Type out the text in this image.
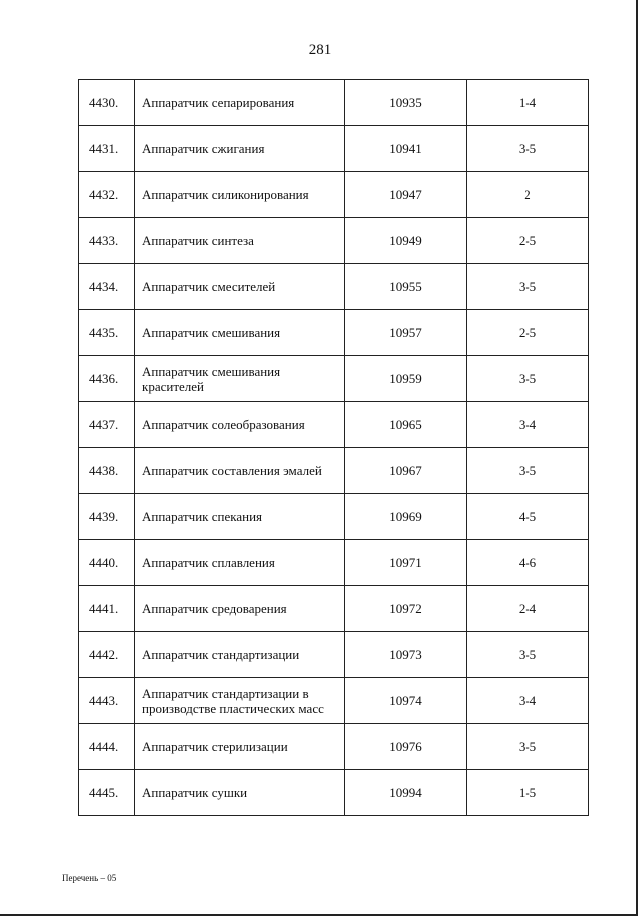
281
4430.	Аппаратчик сепарирования	10935	1-4
4431.	Аппаратчик сжигания	10941	3-5
4432.	Аппаратчик силиконирования	10947	2
4433.	Аппаратчик синтеза	10949	2-5
4434.	Аппаратчик смесителей	10955	3-5
4435.	Аппаратчик смешивания	10957	2-5
4436.	Аппаратчик смешивания красителей	10959	3-5
4437.	Аппаратчик солеобразования	10965	3-4
4438.	Аппаратчик составления эмалей	10967	3-5
4439.	Аппаратчик спекания	10969	4-5
4440.	Аппаратчик сплавления	10971	4-6
4441.	Аппаратчик средоварения	10972	2-4
4442.	Аппаратчик стандартизации	10973	3-5
4443.	Аппаратчик стандартизации в производстве пластических масс	10974	3-4
4444.	Аппаратчик стерилизации	10976	3-5
4445.	Аппаратчик сушки	10994	1-5
Перечень – 05
